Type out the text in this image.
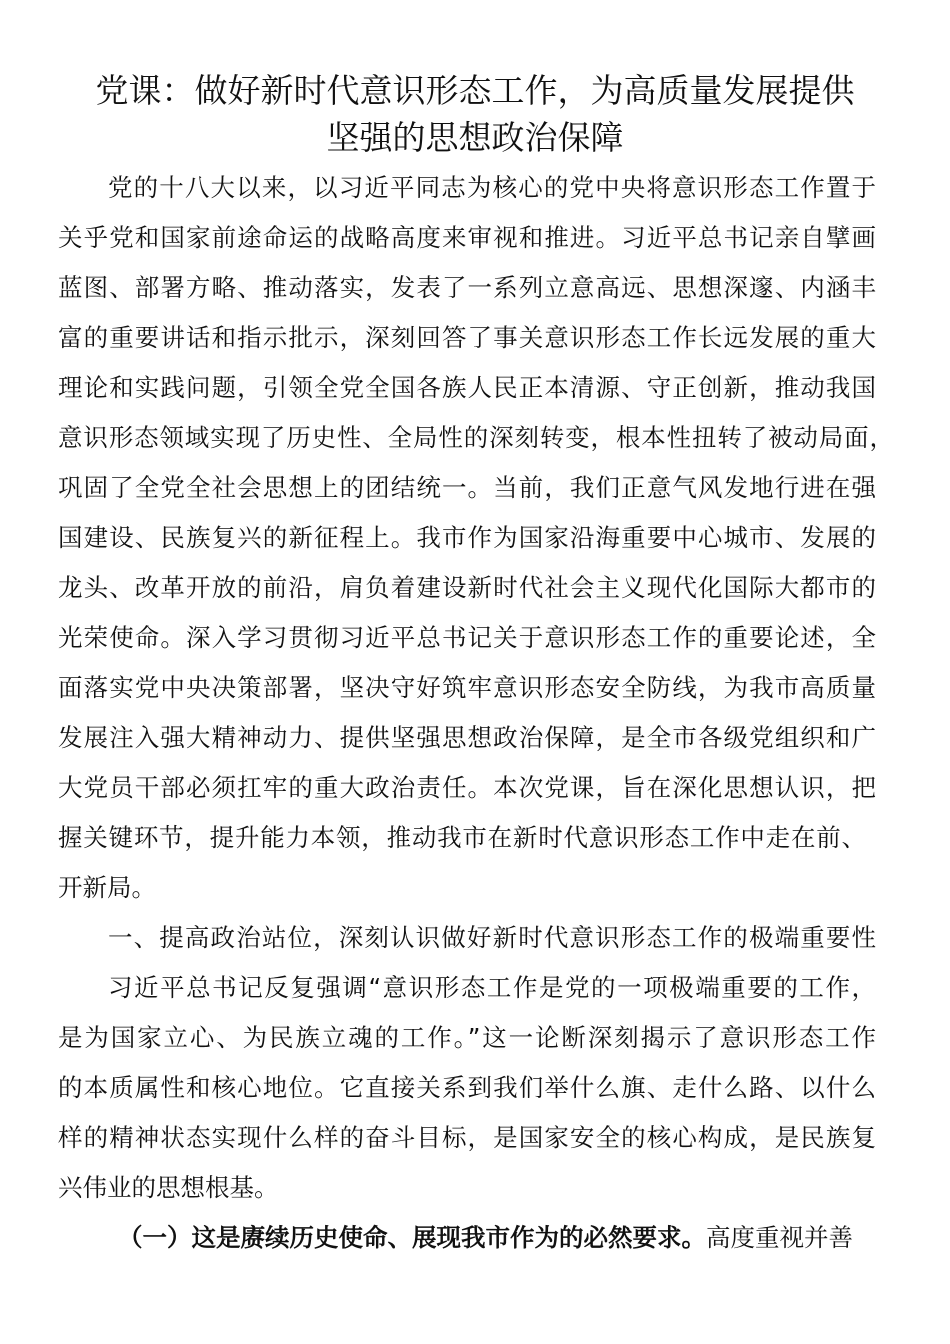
党课：做好新时代意识形态工作，为高质量发展提供
坚强的思想政治保障
党的十八大以来，以习近平同志为核心的党中央将意识形态工作置于
关乎党和国家前途命运的战略高度来审视和推进。习近平总书记亲自擘画
蓝图、部署方略、推动落实，发表了一系列立意高远、思想深邃、内涵丰
富的重要讲话和指示批示，深刻回答了事关意识形态工作长远发展的重大
理论和实践问题，引领全党全国各族人民正本清源、守正创新，推动我国
意识形态领域实现了历史性、全局性的深刻转变，根本性扭转了被动局面，
巩固了全党全社会思想上的团结统一。当前，我们正意气风发地行进在强
国建设、民族复兴的新征程上。我市作为国家沿海重要中心城市、发展的
龙头、改革开放的前沿，肩负着建设新时代社会主义现代化国际大都市的
光荣使命。深入学习贯彻习近平总书记关于意识形态工作的重要论述，全
面落实党中央决策部署，坚决守好筑牢意识形态安全防线，为我市高质量
发展注入强大精神动力、提供坚强思想政治保障，是全市各级党组织和广
大党员干部必须扛牢的重大政治责任。本次党课，旨在深化思想认识，把
握关键环节，提升能力本领，推动我市在新时代意识形态工作中走在前、
开新局。
一、提高政治站位，深刻认识做好新时代意识形态工作的极端重要性
习近平总书记反复强调“意识形态工作是党的一项极端重要的工作，
是为国家立心、为民族立魂的工作。”这一论断深刻揭示了意识形态工作
的本质属性和核心地位。它直接关系到我们举什么旗、走什么路、以什么
样的精神状态实现什么样的奋斗目标，是国家安全的核心构成，是民族复
兴伟业的思想根基。
（一）这是赓续历史使命、展现我市作为的必然要求。高度重视并善
